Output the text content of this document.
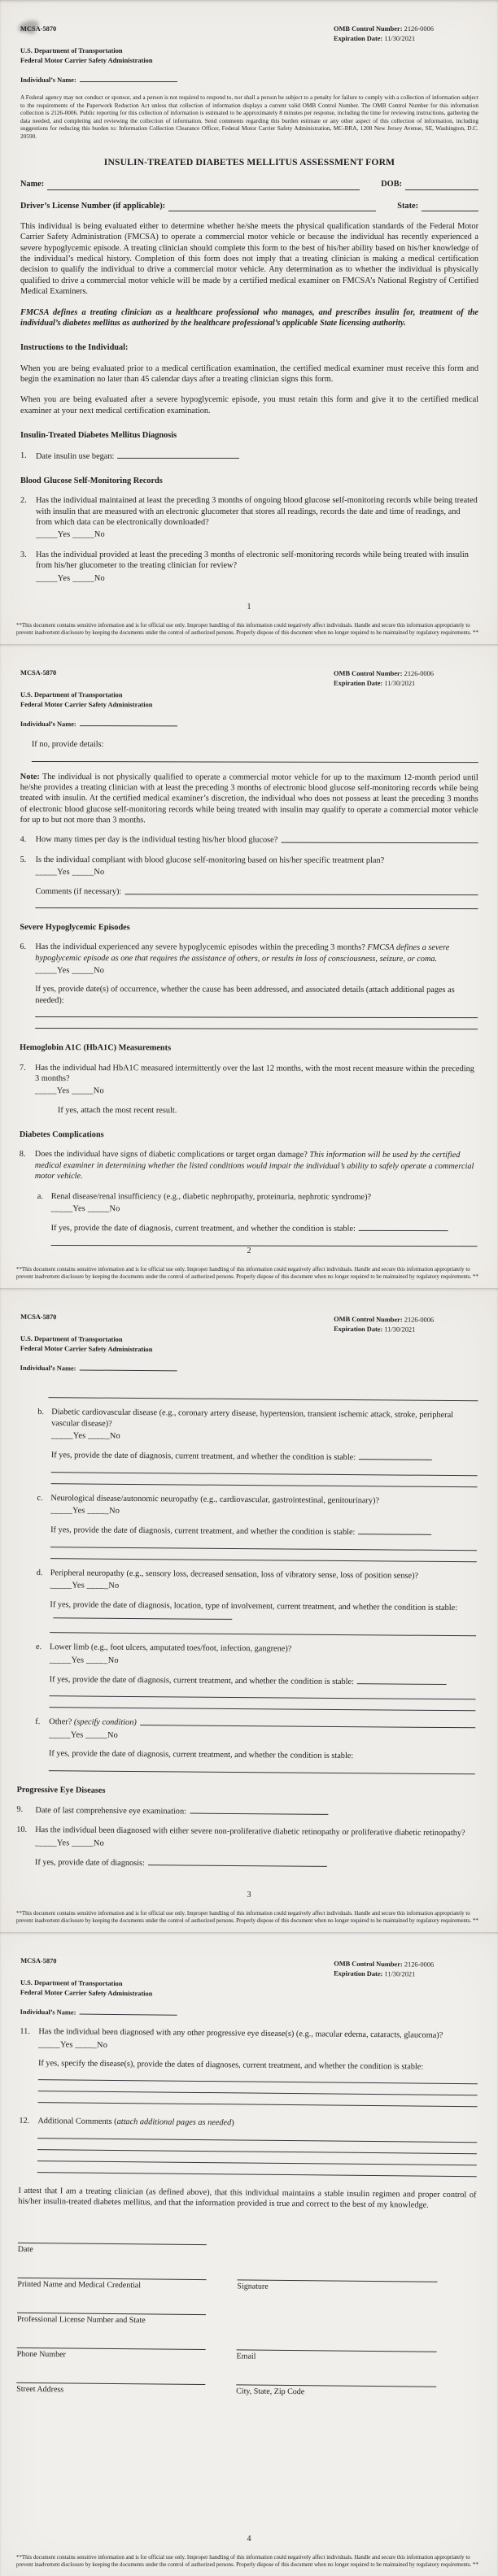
MCSA-5870
U.S. Department of Transportation
Federal Motor Carrier Safety Administration
OMB Control Number: 2126-0006
Expiration Date: 11/30/2021
Individual’s Name:
A Federal agency may not conduct or sponsor, and a person is not required to respond to, nor shall a person be subject to a penalty for failure to comply with a collection of information subject to the requirements of the Paperwork Reduction Act unless that collection of information displays a current valid OMB Control Number. The OMB Control Number for this information collection is 2126-0006. Public reporting for this collection of information is estimated to be approximately 8 minutes per response, including the time for reviewing instructions, gathering the data needed, and completing and reviewing the collection of information. Send comments regarding this burden estimate or any other aspect of this collection of information, including suggestions for reducing this burden to: Information Collection Clearance Officer, Federal Motor Carrier Safety Administration, MC-RRA, 1200 New Jersey Avenue, SE, Washington, D.C. 20590.
INSULIN-TREATED DIABETES MELLITUS ASSESSMENT FORM
Name:	DOB:
Driver’s License Number (if applicable):	State:
This individual is being evaluated either to determine whether he/she meets the physical qualification standards of the Federal Motor Carrier Safety Administration (FMCSA) to operate a commercial motor vehicle or because the individual has recently experienced a severe hypoglycemic episode. A treating clinician should complete this form to the best of his/her ability based on his/her knowledge of the individual’s medical history. Completion of this form does not imply that a treating clinician is making a medical certification decision to qualify the individual to drive a commercial motor vehicle. Any determination as to whether the individual is physically qualified to drive a commercial motor vehicle will be made by a certified medical examiner on FMCSA’s National Registry of Certified Medical Examiners.
FMCSA defines a treating clinician as a healthcare professional who manages, and prescribes insulin for, treatment of the individual’s diabetes mellitus as authorized by the healthcare professional’s applicable State licensing authority.
Instructions to the Individual:
When you are being evaluated prior to a medical certification examination, the certified medical examiner must receive this form and begin the examination no later than 45 calendar days after a treating clinician signs this form.
When you are being evaluated after a severe hypoglycemic episode, you must retain this form and give it to the certified medical examiner at your next medical certification examination.
Insulin-Treated Diabetes Mellitus Diagnosis
1.	Date insulin use began:
Blood Glucose Self-Monitoring Records
2.	Has the individual maintained at least the preceding 3 months of ongoing blood glucose self-monitoring records while being treated with insulin that are measured with an electronic glucometer that stores all readings, records the date and time of readings, and from which data can be electronically downloaded?
_____Yes _____No
3.	Has the individual provided at least the preceding 3 months of electronic self-monitoring records while being treated with insulin from his/her glucometer to the treating clinician for review?
_____Yes _____No
1
**This document contains sensitive information and is for official use only. Improper handling of this information could negatively affect individuals. Handle and secure this information appropriately to prevent inadvertent disclosure by keeping the documents under the control of authorized persons. Properly dispose of this document when no longer required to be maintained by regulatory requirements. **
MCSA-5870
U.S. Department of Transportation
Federal Motor Carrier Safety Administration
OMB Control Number: 2126-0006
Expiration Date: 11/30/2021
Individual’s Name:
If no, provide details:
Note: The individual is not physically qualified to operate a commercial motor vehicle for up to the maximum 12-month period until he/she provides a treating clinician with at least the preceding 3 months of electronic blood glucose self-monitoring records while being treated with insulin. At the certified medical examiner’s discretion, the individual who does not possess at least the preceding 3 months of electronic blood glucose self-monitoring records while being treated with insulin may qualify to operate a commercial motor vehicle for up to but not more than 3 months.
4.	How many times per day is the individual testing his/her blood glucose?
5.	Is the individual compliant with blood glucose self-monitoring based on his/her specific treatment plan?
_____Yes _____No
Comments (if necessary):
Severe Hypoglycemic Episodes
6.	Has the individual experienced any severe hypoglycemic episodes within the preceding 3 months? FMCSA defines a severe hypoglycemic episode as one that requires the assistance of others, or results in loss of consciousness, seizure, or coma.
_____Yes _____No
If yes, provide date(s) of occurrence, whether the cause has been addressed, and associated details (attach additional pages as needed):
Hemoglobin A1C (HbA1C) Measurements
7.	Has the individual had HbA1C measured intermittently over the last 12 months, with the most recent measure within the preceding 3 months?
_____Yes _____No
If yes, attach the most recent result.
Diabetes Complications
8.	Does the individual have signs of diabetic complications or target organ damage? This information will be used by the certified medical examiner in determining whether the listed conditions would impair the individual’s ability to safely operate a commercial motor vehicle.
a. Renal disease/renal insufficiency (e.g., diabetic nephropathy, proteinuria, nephrotic syndrome)?
_____Yes _____No
If yes, provide the date of diagnosis, current treatment, and whether the condition is stable:
2
**This document contains sensitive information and is for official use only. Improper handling of this information could negatively affect individuals. Handle and secure this information appropriately to prevent inadvertent disclosure by keeping the documents under the control of authorized persons. Properly dispose of this document when no longer required to be maintained by regulatory requirements. **
MCSA-5870
U.S. Department of Transportation
Federal Motor Carrier Safety Administration
OMB Control Number: 2126-0006
Expiration Date: 11/30/2021
Individual’s Name:
b. Diabetic cardiovascular disease (e.g., coronary artery disease, hypertension, transient ischemic attack, stroke, peripheral vascular disease)?
_____Yes _____No
If yes, provide the date of diagnosis, current treatment, and whether the condition is stable:
c. Neurological disease/autonomic neuropathy (e.g., cardiovascular, gastrointestinal, genitourinary)?
_____Yes _____No
If yes, provide the date of diagnosis, current treatment, and whether the condition is stable:
d. Peripheral neuropathy (e.g., sensory loss, decreased sensation, loss of vibratory sense, loss of position sense)?
_____Yes _____No
If yes, provide the date of diagnosis, location, type of involvement, current treatment, and whether the condition is stable:
e. Lower limb (e.g., foot ulcers, amputated toes/foot, infection, gangrene)?
_____Yes _____No
If yes, provide the date of diagnosis, current treatment, and whether the condition is stable:
f.	Other?
(specify condition)
_____Yes _____No
If yes, provide the date of diagnosis, current treatment, and whether the condition is stable:
Progressive Eye Diseases
9.	Date of last comprehensive eye examination:
10. Has the individual been diagnosed with either severe non-proliferative diabetic retinopathy or proliferative diabetic retinopathy?
_____Yes _____No
If yes, provide date of diagnosis:
3
**This document contains sensitive information and is for official use only. Improper handling of this information could negatively affect individuals. Handle and secure this information appropriately to prevent inadvertent disclosure by keeping the documents under the control of authorized persons. Properly dispose of this document when no longer required to be maintained by regulatory requirements. **
MCSA-5870
U.S. Department of Transportation
Federal Motor Carrier Safety Administration
OMB Control Number: 2126-0006
Expiration Date: 11/30/2021
Individual’s Name:
11.	Has the individual been diagnosed with any other progressive eye disease(s) (e.g., macular edema, cataracts, glaucoma)?
_____Yes _____No
If yes, specify the disease(s), provide the dates of diagnoses, current treatment, and whether the condition is stable:
12. Additional Comments (attach additional pages as needed)
I attest that I am a treating clinician (as defined above), that this individual maintains a stable insulin regimen and proper control of his/her insulin-treated diabetes mellitus, and that the information provided is true and correct to the best of my knowledge.
Date
Printed Name and Medical Credential	Signature
Professional License Number and State
Phone Number	Email
Street Address	City, State, Zip Code
4
**This document contains sensitive information and is for official use only. Improper handling of this information could negatively affect individuals. Handle and secure this information appropriately to prevent inadvertent disclosure by keeping the documents under the control of authorized persons. Properly dispose of this document when no longer required to be maintained by regulatory requirements. **
